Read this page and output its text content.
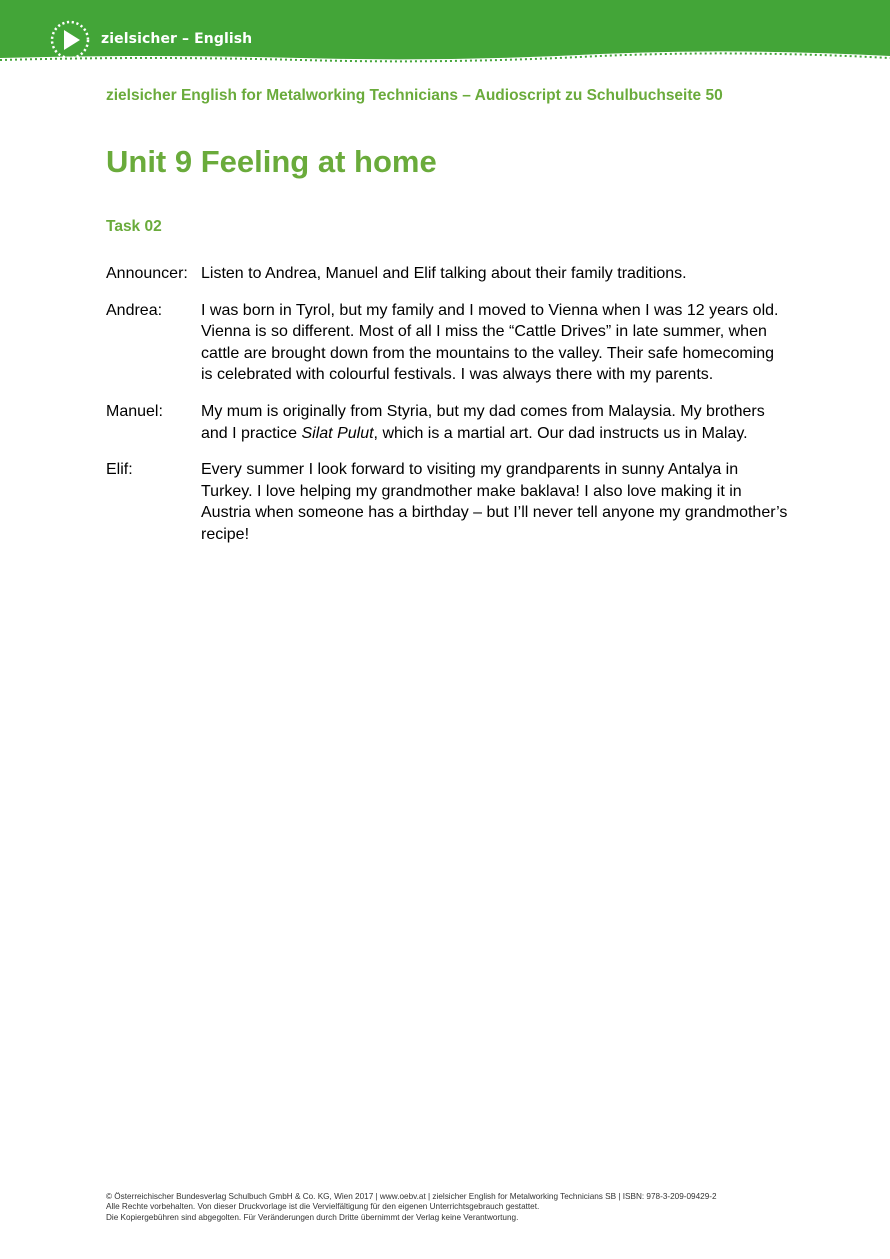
zielsicher – English
zielsicher English for Metalworking Technicians – Audioscript zu Schulbuchseite 50
Unit 9 Feeling at home
Task 02
Announcer: Listen to Andrea, Manuel and Elif talking about their family traditions.
Andrea:	I was born in Tyrol, but my family and I moved to Vienna when I was 12 years old. Vienna is so different. Most of all I miss the “Cattle Drives” in late summer, when cattle are brought down from the mountains to the valley. Their safe homecoming is celebrated with colourful festivals. I was always there with my parents.
Manuel:	My mum is originally from Styria, but my dad comes from Malaysia. My brothers and I practice Silat Pulut, which is a martial art. Our dad instructs us in Malay.
Elif:	Every summer I look forward to visiting my grandparents in sunny Antalya in Turkey. I love helping my grandmother make baklava! I also love making it in Austria when someone has a birthday – but I’ll never tell anyone my grandmother’s recipe!
© Österreichischer Bundesverlag Schulbuch GmbH & Co. KG, Wien 2017 | www.oebv.at | zielsicher English for Metalworking Technicians SB | ISBN: 978-3-209-09429-2
Alle Rechte vorbehalten. Von dieser Druckvorlage ist die Vervielfältigung für den eigenen Unterrichtsgebrauch gestattet.
Die Kopiergebühren sind abgegolten. Für Veränderungen durch Dritte übernimmt der Verlag keine Verantwortung.
